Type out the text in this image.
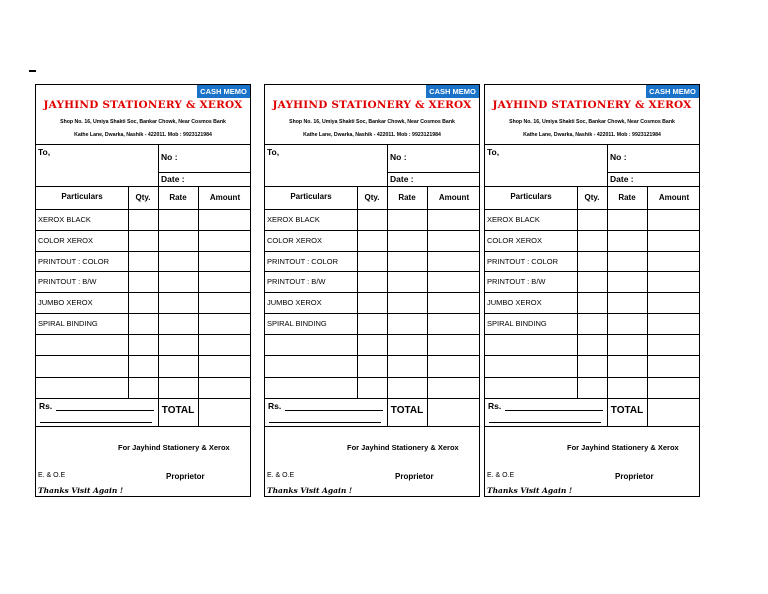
CASH MEMO
JAYHIND STATIONERY & XEROX
Shop No. 16, Umiya Shakti Soc, Bankar Chowk, Near Cosmos Bank
Kathe Lane, Dwarka, Nashik - 422011. Mob : 9923121984
To,	No :
Date :
Particulars	Qty.	Rate	Amount
XEROX BLACK
COLOR XEROX
PRINTOUT : COLOR
PRINTOUT : B/W
JUMBO XEROX
SPIRAL BINDING
Rs.	TOTAL
For Jayhind Stationery & Xerox
E. & O.E	Proprietor
Thanks Visit Again !
CASH MEMO
JAYHIND STATIONERY & XEROX
Shop No. 16, Umiya Shakti Soc, Bankar Chowk, Near Cosmos Bank
Kathe Lane, Dwarka, Nashik - 422011. Mob : 9923121984
To,	No :
Date :
Particulars	Qty.	Rate	Amount
XEROX BLACK
COLOR XEROX
PRINTOUT : COLOR
PRINTOUT : B/W
JUMBO XEROX
SPIRAL BINDING
Rs.	TOTAL
For Jayhind Stationery & Xerox
E. & O.E	Proprietor
Thanks Visit Again !
CASH MEMO
JAYHIND STATIONERY & XEROX
Shop No. 16, Umiya Shakti Soc, Bankar Chowk, Near Cosmos Bank
Kathe Lane, Dwarka, Nashik - 422011. Mob : 9923121984
To,	No :
Date :
Particulars	Qty.	Rate	Amount
XEROX BLACK
COLOR XEROX
PRINTOUT : COLOR
PRINTOUT : B/W
JUMBO XEROX
SPIRAL BINDING
Rs.	TOTAL
For Jayhind Stationery & Xerox
E. & O.E	Proprietor
Thanks Visit Again !
